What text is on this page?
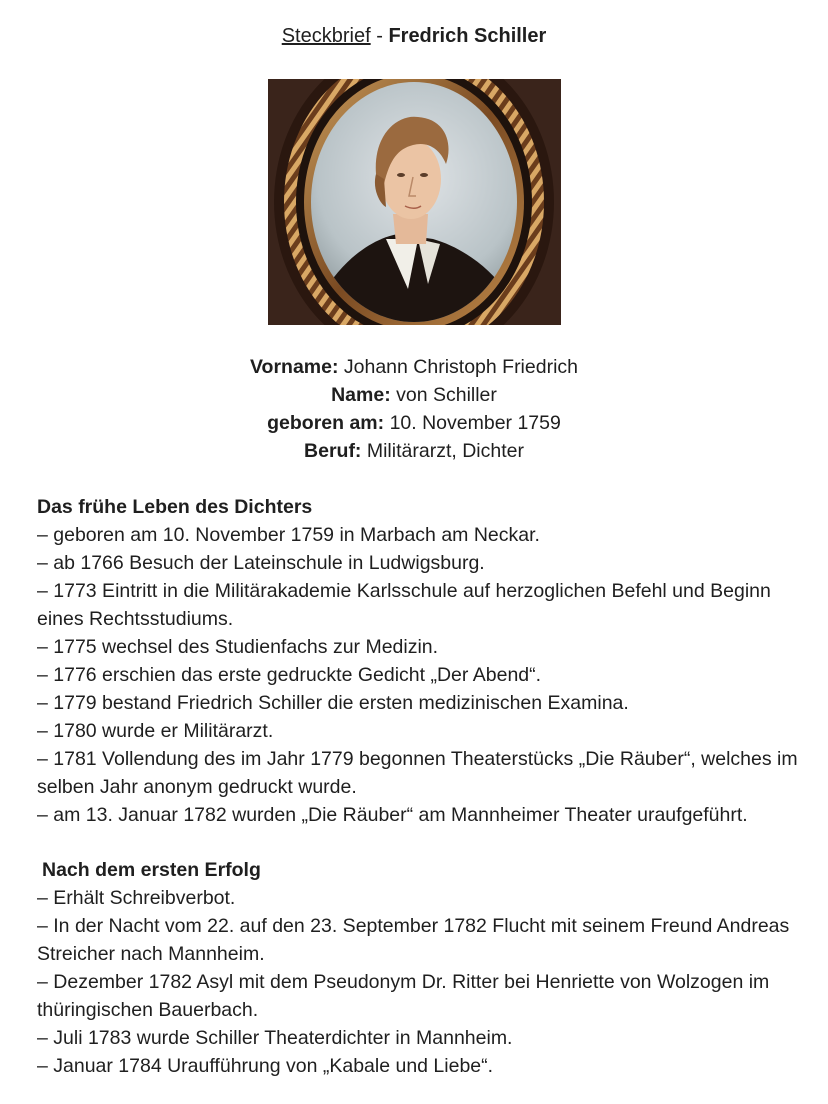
Steckbrief - Fredrich Schiller
Vorname: Johann Christoph Friedrich
Name: von Schiller
geboren am: 10. November 1759
Beruf: Militärarzt, Dichter
Das frühe Leben des Dichters

– geboren am 10. November 1759 in Marbach am Neckar.

– ab 1766 Besuch der Lateinschule in Ludwigsburg.

– 1773 Eintritt in die Militärakademie Karlsschule auf herzoglichen Befehl und Beginn eines Rechtsstudiums.

– 1775 wechsel des Studienfachs zur Medizin.

– 1776 erschien das erste gedruckte Gedicht „Der Abend“.

– 1779 bestand Friedrich Schiller die ersten medizinischen Examina.

– 1780 wurde er Militärarzt.

– 1781 Vollendung des im Jahr 1779 begonnen Theaterstücks „Die Räuber“, welches im selben Jahr anonym gedruckt wurde.

– am 13. Januar 1782 wurden „Die Räuber“ am Mannheimer Theater uraufgeführt.

Nach dem ersten Erfolg

– Erhält Schreibverbot.

– In der Nacht vom 22. auf den 23. September 1782 Flucht mit seinem Freund Andreas Streicher nach Mannheim.

– Dezember 1782 Asyl mit dem Pseudonym Dr. Ritter bei Henriette von Wolzogen im thüringischen Bauerbach.

– Juli 1783 wurde Schiller Theaterdichter in Mannheim.

– Januar 1784 Uraufführung von „Kabale und Liebe“.
